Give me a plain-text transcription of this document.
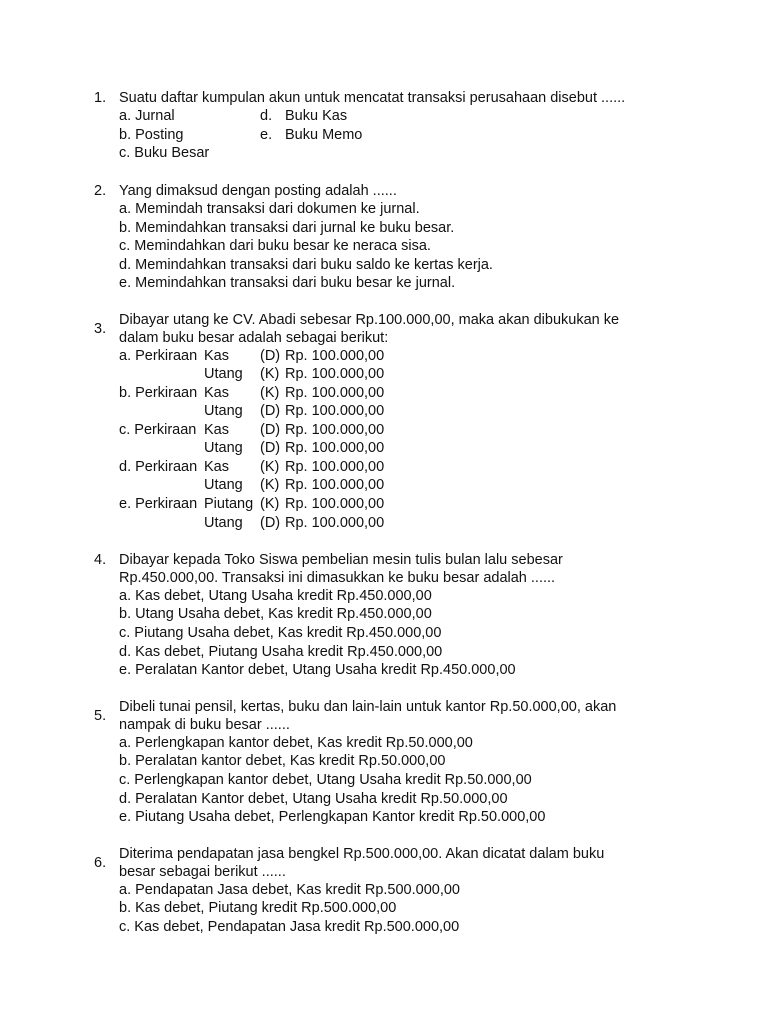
1. Suatu daftar kumpulan akun untuk mencatat transaksi perusahaan disebut ......
a. Jurnal	d. Buku Kas
b. Posting	e. Buku Memo
c. Buku Besar
2. Yang dimaksud dengan posting adalah ......
a. Memindah transaksi dari dokumen ke jurnal.
b. Memindahkan transaksi dari jurnal ke buku besar.
c. Memindahkan dari buku besar ke neraca sisa.
d. Memindahkan transaksi dari buku saldo ke kertas kerja.
e. Memindahkan transaksi dari buku besar ke jurnal.
3.
Dibayar utang ke CV. Abadi sebesar Rp.100.000,00, maka akan dibukukan ke
dalam buku besar adalah sebagai berikut:
a. Perkiraan Kas (D) Rp. 100.000,00
Utang (K) Rp. 100.000,00
b. Perkiraan Kas (K) Rp. 100.000,00
Utang (D) Rp. 100.000,00
c. Perkiraan Kas (D) Rp. 100.000,00
Utang (D) Rp. 100.000,00
d. Perkiraan Kas (K) Rp. 100.000,00
Utang (K) Rp. 100.000,00
e. Perkiraan Piutang (K) Rp. 100.000,00
Utang (D) Rp. 100.000,00
4. Dibayar kepada Toko Siswa pembelian mesin tulis bulan lalu sebesar
Rp.450.000,00. Transaksi ini dimasukkan ke buku besar adalah ......
a. Kas debet, Utang Usaha kredit Rp.450.000,00
b. Utang Usaha debet, Kas kredit Rp.450.000,00
c. Piutang Usaha debet, Kas kredit Rp.450.000,00
d. Kas debet, Piutang Usaha kredit Rp.450.000,00
e. Peralatan Kantor debet, Utang Usaha kredit Rp.450.000,00
5.
Dibeli tunai pensil, kertas, buku dan lain-lain untuk kantor Rp.50.000,00, akan
nampak di buku besar ......
a. Perlengkapan kantor debet, Kas kredit Rp.50.000,00
b. Peralatan kantor debet, Kas kredit Rp.50.000,00
c. Perlengkapan kantor debet, Utang Usaha kredit Rp.50.000,00
d. Peralatan Kantor debet, Utang Usaha kredit Rp.50.000,00
e. Piutang Usaha debet, Perlengkapan Kantor kredit Rp.50.000,00
6.
Diterima pendapatan jasa bengkel Rp.500.000,00. Akan dicatat dalam buku
besar sebagai berikut ......
a. Pendapatan Jasa debet, Kas kredit Rp.500.000,00
b. Kas debet, Piutang kredit Rp.500.000,00
c. Kas debet, Pendapatan Jasa kredit Rp.500.000,00
